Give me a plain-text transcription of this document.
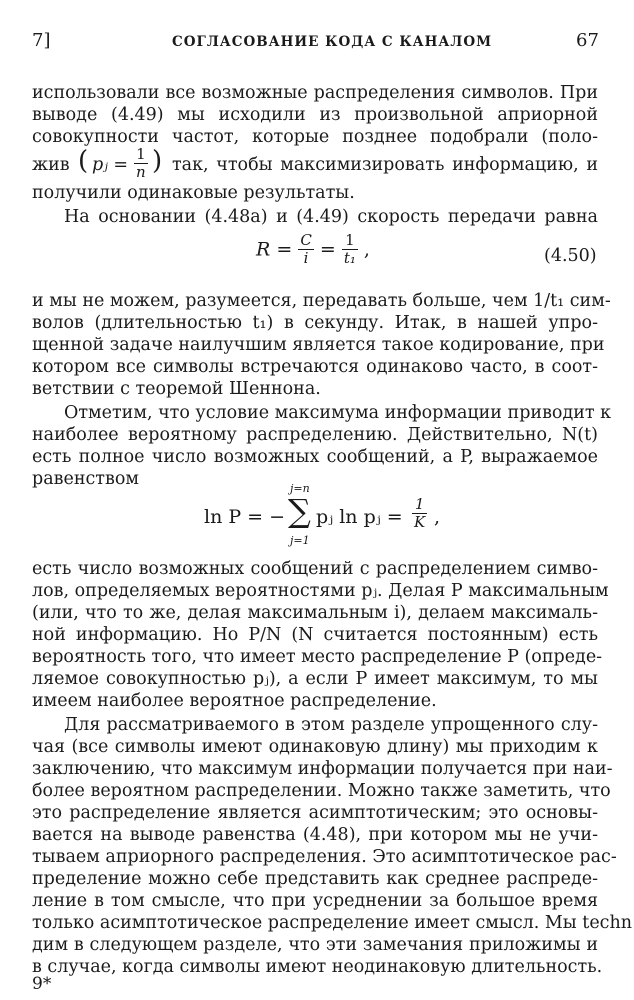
7]	СОГЛАСОВАНИЕ КОДА С КАНАЛОМ	67
использовали все возможные распределения символов. При
выводе (4.49) мы исходили из произвольной априорной
совокупности частот, которые позднее подобрали (поло-
жив ( pⱼ = $\frac{1}{n}$ ) так, чтобы максимизировать информацию, и
получили одинаковые результаты.
На основании (4.48а) и (4.49) скорость передачи равна
$R = \frac{C}{i} = \frac{1}{\text{t₁}}$ ,	(4.50)
и мы не можем, разумеется, передавать больше, чем 1/t₁ сим-
волов (длительностью t₁) в секунду. Итак, в нашей упро-
щенной задаче наилучшим является такое кодирование, при
котором все символы встречаются одинаково часто, в соот-
ветствии с теоремой Шеннона.
Отметим, что условие максимума информации приводит к
наиболее вероятному распределению. Действительно, N(t)
есть полное число возможных сообщений, а P, выражаемое
равенством
ln P = −
j=n
∑
j=1
pⱼ ln pⱼ = $\frac{1}{K}$ ,
есть число возможных сообщений с распределением симво-
лов, определяемых вероятностями pⱼ. Делая P максимальным
(или, что то же, делая максимальным i), делаем максималь-
ной информацию. Но P/N (N считается постоянным) есть
вероятность того, что имеет место распределение P (опреде-
ляемое совокупностью pⱼ), а если P имеет максимум, то мы
имеем наиболее вероятное распределение.
Для рассматриваемого в этом разделе упрощенного слу-
чая (все символы имеют одинаковую длину) мы приходим к
заключению, что максимум информации получается при наи-
более вероятном распределении. Можно также заметить, что
это распределение является асимптотическим; это основы-
вается на выводе равенства (4.48), при котором мы не учи-
тываем априорного распределения. Это асимптотическое рас-
пределение можно себе представить как среднее распреде-
ление в том смысле, что при усреднении за большое время
только асимптотическое распределение имеет смысл. Мы techn
дим в следующем разделе, что эти замечания приложимы и
в случае, когда символы имеют неодинаковую длительность.
9*
